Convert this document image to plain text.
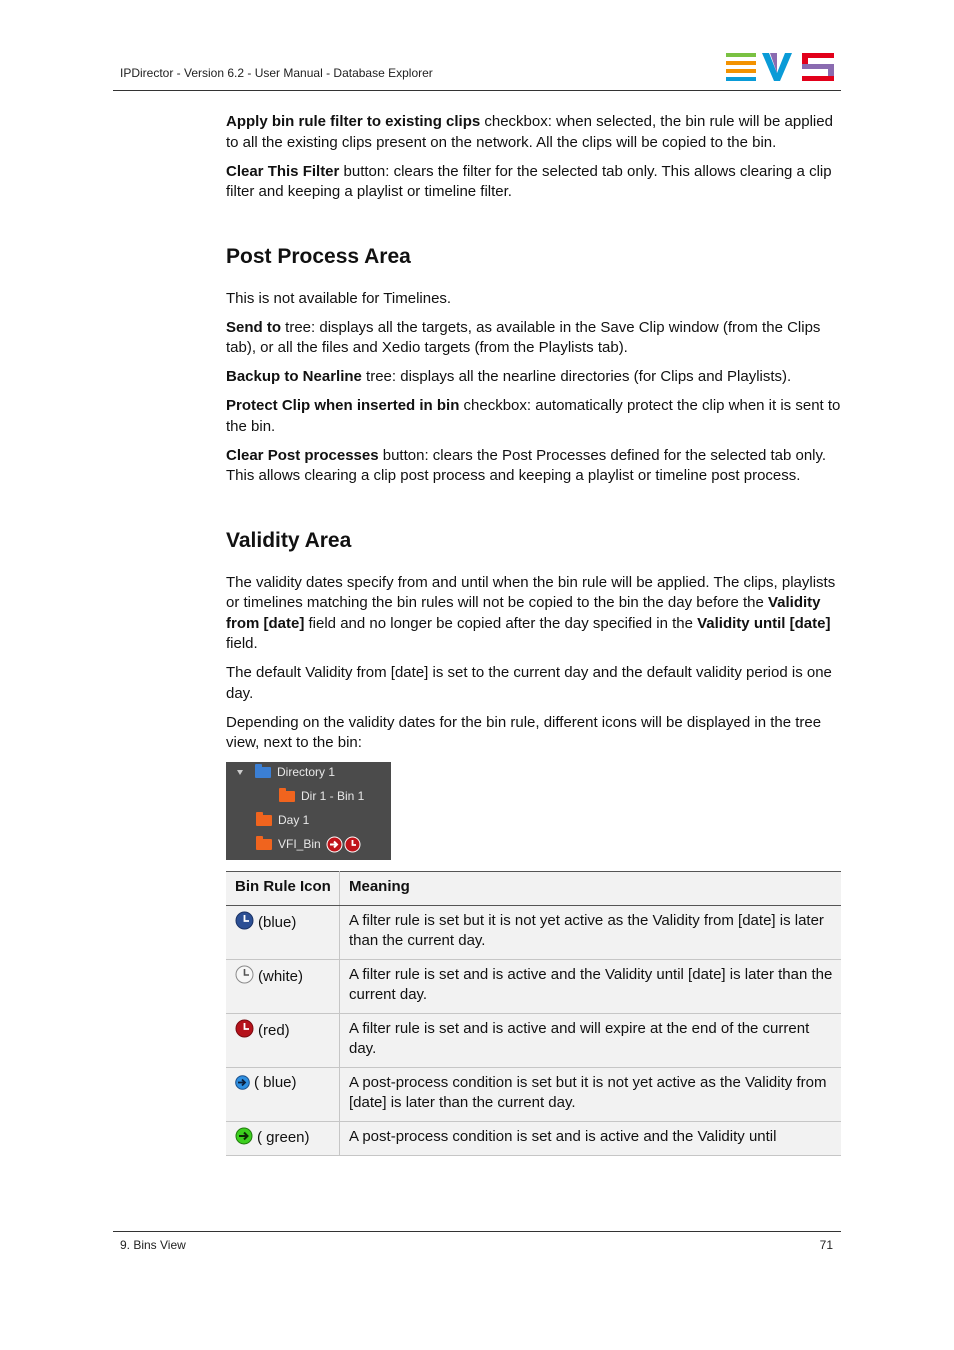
IPDirector - Version 6.2 - User Manual - Database Explorer

Apply bin rule filter to existing clips checkbox: when selected, the bin rule will be applied to all the existing clips present on the network. All the clips will be copied to the bin.

Clear This Filter button: clears the filter for the selected tab only. This allows clearing a clip filter and keeping a playlist or timeline filter.

Post Process Area

This is not available for Timelines.

Send to tree: displays all the targets, as available in the Save Clip window (from the Clips tab), or all the files and Xedio targets (from the Playlists tab).

Backup to Nearline tree: displays all the nearline directories (for Clips and Playlists).

Protect Clip when inserted in bin checkbox: automatically protect the clip when it is sent to the bin.

Clear Post processes button: clears the Post Processes defined for the selected tab only. This allows clearing a clip post process and keeping a playlist or timeline post process.

Validity Area

The validity dates specify from and until when the bin rule will be applied. The clips, playlists or timelines matching the bin rules will not be copied to the bin the day before the Validity from [date] field and no longer be copied after the day specified in the Validity until [date] field.

The default Validity from [date] is set to the current day and the default validity period is one day.

Depending on the validity dates for the bin rule, different icons will be displayed in the tree view, next to the bin:

Directory 1
Dir 1 - Bin 1
Day 1
VFI_Bin
Bin Rule Icon	Meaning
(blue)	A filter rule is set but it is not yet active as the Validity from [date] is later than the current day.
(white)	A filter rule is set and is active and the Validity until [date] is later than the current day.
(red)	A filter rule is set and is active and will expire at the end of the current day.
( blue)	A post-process condition is set but it is not yet active as the Validity from [date] is later than the current day.
( green)	A post-process condition is set and is active and the Validity until
9. Bins View	71
